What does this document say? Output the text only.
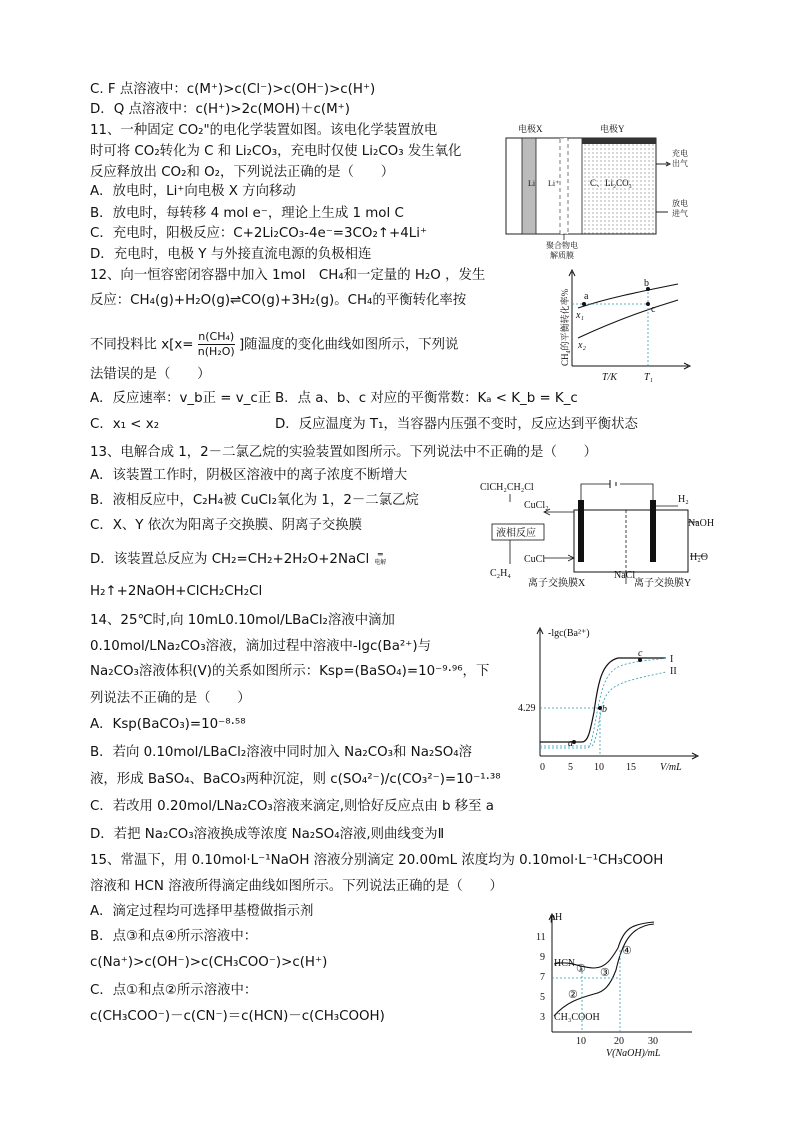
C. F 点溶液中：c(M⁺)>c(Cl⁻)>c(OH⁻)>c(H⁺)
D．Q 点溶液中：c(H⁺)>2c(MOH)＋c(M⁺)
11、一种固定 CO₂"的电化学装置如图。该电化学装置放电
时可将 CO₂转化为 C 和 Li₂CO₃，充电时仅使 Li₂CO₃ 发生氧化
反应释放出 CO₂和 O₂，下列说法正确的是（　　）
A．放电时，Li⁺向电极 X 方向移动
B．放电时，每转移 4 mol e⁻，理论上生成 1 mol C
C．充电时，阳极反应：C+2Li₂CO₃-4e⁻=3CO₂↑+4Li⁺
D．充电时，电极 Y 与外接直流电源的负极相连
电极X	电极Y
Li Li⁺	C、Li₂CO₃
充电
出气
放电
进气
聚合物电
解质膜
12、向一恒容密闭容器中加入 1mol　CH₄和一定量的 H₂O ，发生
反应：CH₄(g)+H₂O(g)⇌CO(g)+3H₂(g)。CH₄的平衡转化率按
不同投料比 $x[x= \frac{\text{n(CH₄)}}{\text{n(H₂O)}}$ ]随温度的变化曲线如图所示，下列说
法错误的是（　　）
A．反应速率：v_b正 = v_c正 B．点 a、b、c 对应的平衡常数：Kₐ < K_b = K_c
C．x₁ < x₂	D．反应温度为 T₁，当容器内压强不变时，反应达到平衡状态
CH₄的平衡转化率% a
b
c
x₁
x₂
T/K	T₁
13、电解合成 1，2－二氯乙烷的实验装置如图所示。下列说法中不正确的是（　　）
A．该装置工作时，阴极区溶液中的离子浓度不断增大
B．液相反应中，C₂H₄被 CuCl₂氧化为 1，2－二氯乙烷
C．X、Y 依次为阳离子交换膜、阴离子交换膜
D．该装置总反应为 CH₂=CH₂+2H₂O+2NaCl	═
电解
H₂↑+2NaOH+ClCH₂CH₂Cl
ClCH₂CH₂Cl
CuCl₂
液相反应
CuCl
C₂H₄
H₂
NaOH
H₂O
NaCl
离子交换膜X	离子交换膜Y
14、25℃时,向 10mL0.10mol/LBaCl₂溶液中滴加
0.10mol/LNa₂CO₃溶液，滴加过程中溶液中-lgc(Ba²⁺)与
Na₂CO₃溶液体积(V)的关系如图所示：Ksp=(BaSO₄)=10⁻⁹·⁹⁶，下
列说法不正确的是（　　）
A．Ksp(BaCO₃)=10⁻⁸·⁵⁸
B．若向 0.10mol/LBaCl₂溶液中同时加入 Na₂CO₃和 Na₂SO₄溶
液，形成 BaSO₄、BaCO₃两种沉淀，则 c(SO₄²⁻)/c(CO₃²⁻)=10⁻¹·³⁸
C．若改用 0.20mol/LNa₂CO₃溶液来滴定,则恰好反应点由 b 移至 a
D．若把 Na₂CO₃溶液换成等浓度 Na₂SO₄溶液,则曲线变为Ⅱ
-lgc(Ba²⁺)
a
b
c
I
II
4.29
0 5 10 15 V/mL
15、常温下，用 0.10mol·L⁻¹NaOH 溶液分别滴定 20.00mL 浓度均为 0.10mol·L⁻¹CH₃COOH
溶液和 HCN 溶液所得滴定曲线如图所示。下列说法正确的是（　　）
A．滴定过程均可选择甲基橙做指示剂
B．点③和点④所示溶液中：
c(Na⁺)>c(OH⁻)>c(CH₃COO⁻)>c(H⁺)
C．点①和点②所示溶液中：
c(CH₃COO⁻)－c(CN⁻)＝c(HCN)－c(CH₃COOH)
pH
11
9
7
5
3
HCN
CH₃COOH
①
②
③
④
10	20 30
V(NaOH)/mL
